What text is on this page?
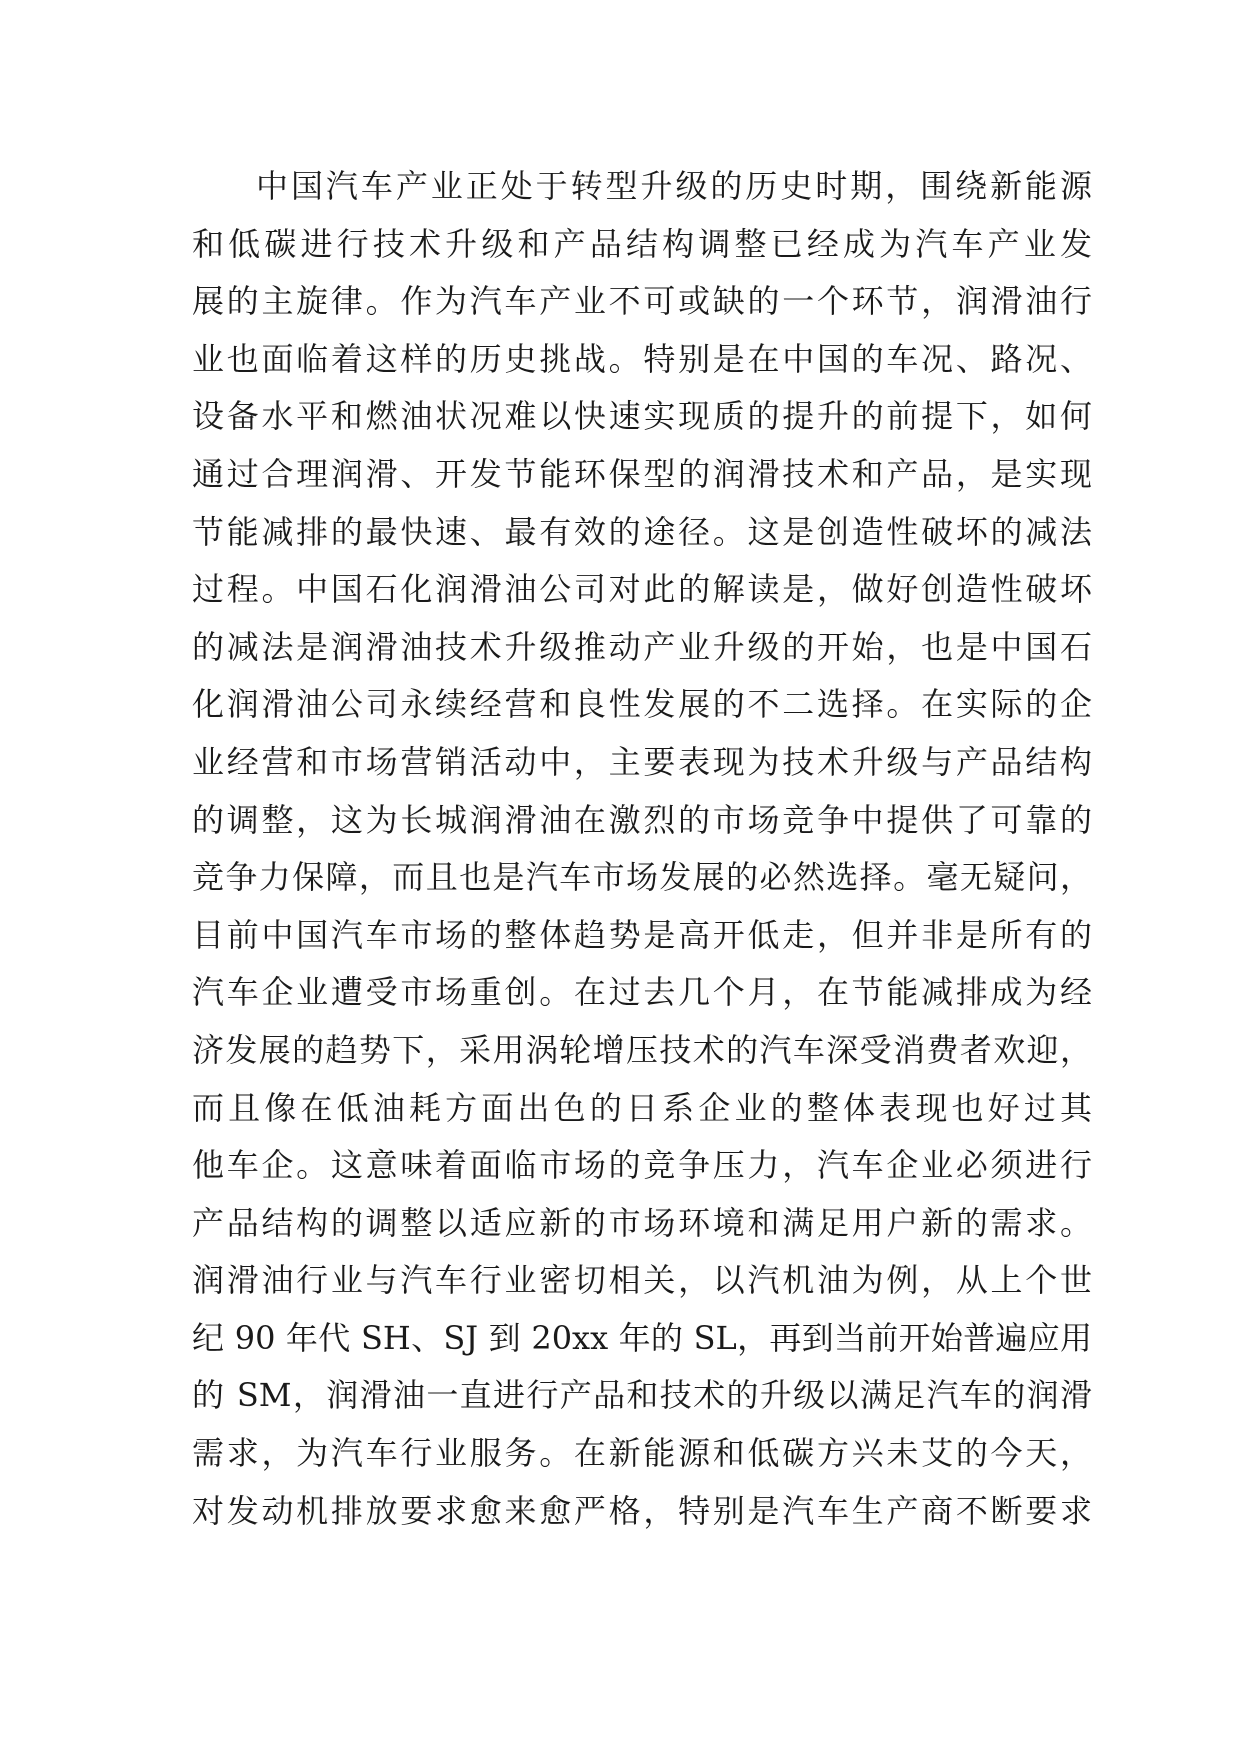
中国汽车产业正处于转型升级的历史时期，围绕新能源
和低碳进行技术升级和产品结构调整已经成为汽车产业发
展的主旋律。作为汽车产业不可或缺的一个环节，润滑油行
业也面临着这样的历史挑战。特别是在中国的车况、路况、
设备水平和燃油状况难以快速实现质的提升的前提下，如何
通过合理润滑、开发节能环保型的润滑技术和产品，是实现
节能减排的最快速、最有效的途径。这是创造性破坏的减法
过程。中国石化润滑油公司对此的解读是，做好创造性破坏
的减法是润滑油技术升级推动产业升级的开始，也是中国石
化润滑油公司永续经营和良性发展的不二选择。在实际的企
业经营和市场营销活动中，主要表现为技术升级与产品结构
的调整，这为长城润滑油在激烈的市场竞争中提供了可靠的
竞争力保障，而且也是汽车市场发展的必然选择。毫无疑问，
目前中国汽车市场的整体趋势是高开低走，但并非是所有的
汽车企业遭受市场重创。在过去几个月，在节能减排成为经
济发展的趋势下，采用涡轮增压技术的汽车深受消费者欢迎，
而且像在低油耗方面出色的日系企业的整体表现也好过其
他车企。这意味着面临市场的竞争压力，汽车企业必须进行
产品结构的调整以适应新的市场环境和满足用户新的需求。
润滑油行业与汽车行业密切相关，以汽机油为例，从上个世
纪 90 年代 SH、SJ 到 20xx 年的 SL，再到当前开始普遍应用
的 SM，润滑油一直进行产品和技术的升级以满足汽车的润滑
需求，为汽车行业服务。在新能源和低碳方兴未艾的今天，
对发动机排放要求愈来愈严格，特别是汽车生产商不断要求
